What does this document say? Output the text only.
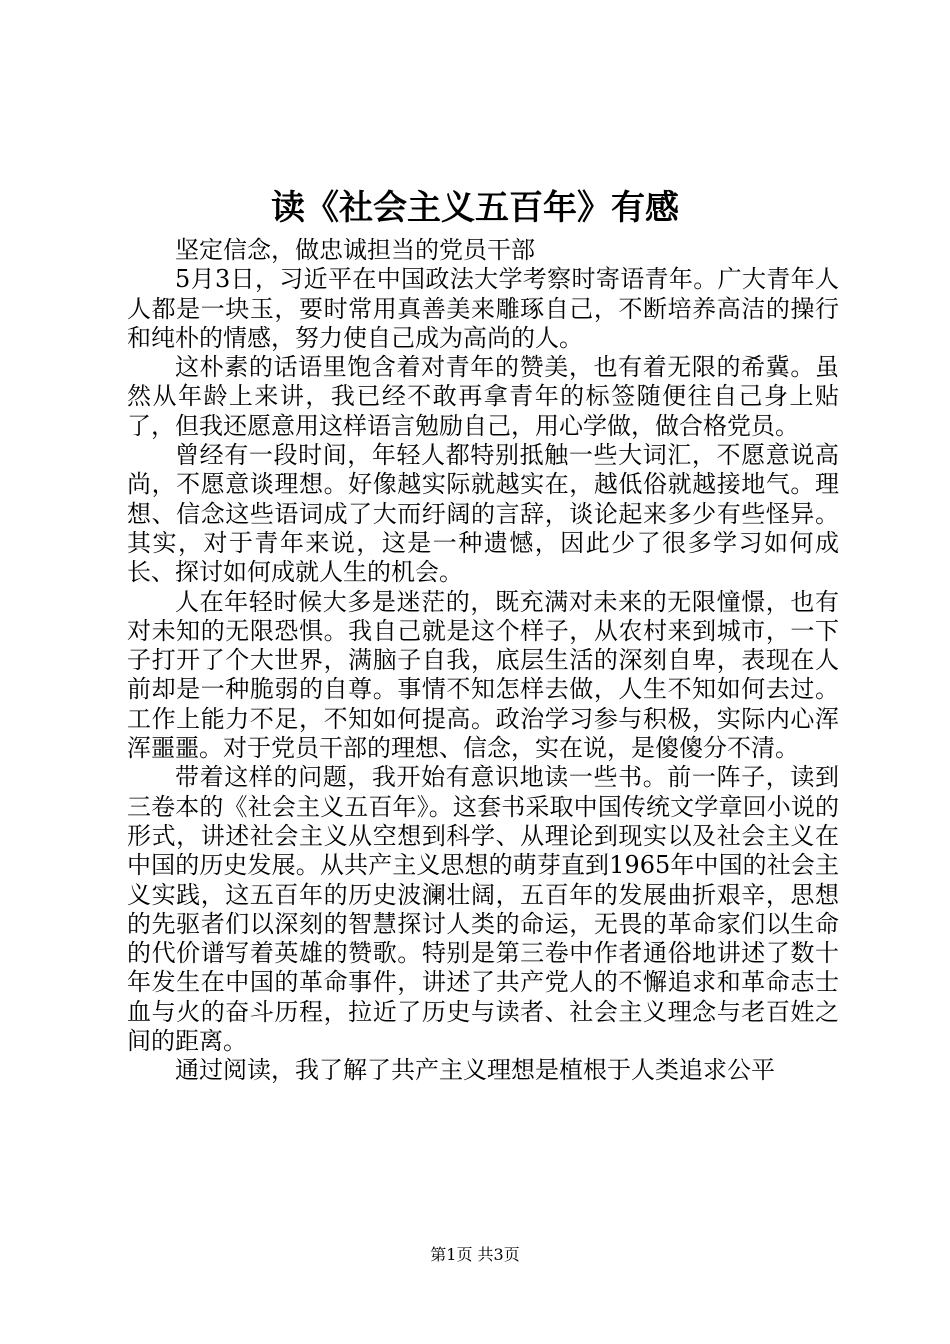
读《社会主义五百年》有感

坚定信念，做忠诚担当的党员干部

5月3日，习近平在中国政法大学考察时寄语青年。广大青年人人都是一块玉，要时常用真善美来雕琢自己，不断培养高洁的操行和纯朴的情感，努力使自己成为高尚的人。

这朴素的话语里饱含着对青年的赞美，也有着无限的希冀。虽然从年龄上来讲，我已经不敢再拿青年的标签随便往自己身上贴了，但我还愿意用这样语言勉励自己，用心学做，做合格党员。

曾经有一段时间，年轻人都特别抵触一些大词汇，不愿意说高尚，不愿意谈理想。好像越实际就越实在，越低俗就越接地气。理想、信念这些语词成了大而纡阔的言辞，谈论起来多少有些怪异。其实，对于青年来说，这是一种遗憾，因此少了很多学习如何成长、探讨如何成就人生的机会。

人在年轻时候大多是迷茫的，既充满对未来的无限憧憬，也有对未知的无限恐惧。我自己就是这个样子，从农村来到城市，一下子打开了个大世界，满脑子自我，底层生活的深刻自卑，表现在人前却是一种脆弱的自尊。事情不知怎样去做，人生不知如何去过。工作上能力不足，不知如何提高。政治学习参与积极，实际内心浑浑噩噩。对于党员干部的理想、信念，实在说，是傻傻分不清。

带着这样的问题，我开始有意识地读一些书。前一阵子，读到三卷本的《社会主义五百年》。这套书采取中国传统文学章回小说的形式，讲述社会主义从空想到科学、从理论到现实以及社会主义在中国的历史发展。从共产主义思想的萌芽直到1965年中国的社会主义实践，这五百年的历史波澜壮阔，五百年的发展曲折艰辛，思想的先驱者们以深刻的智慧探讨人类的命运，无畏的革命家们以生命的代价谱写着英雄的赞歌。特别是第三卷中作者通俗地讲述了数十年发生在中国的革命事件，讲述了共产党人的不懈追求和革命志士血与火的奋斗历程，拉近了历史与读者、社会主义理念与老百姓之间的距离。

通过阅读，我了解了共产主义理想是植根于人类追求公平

第1页 共3页
